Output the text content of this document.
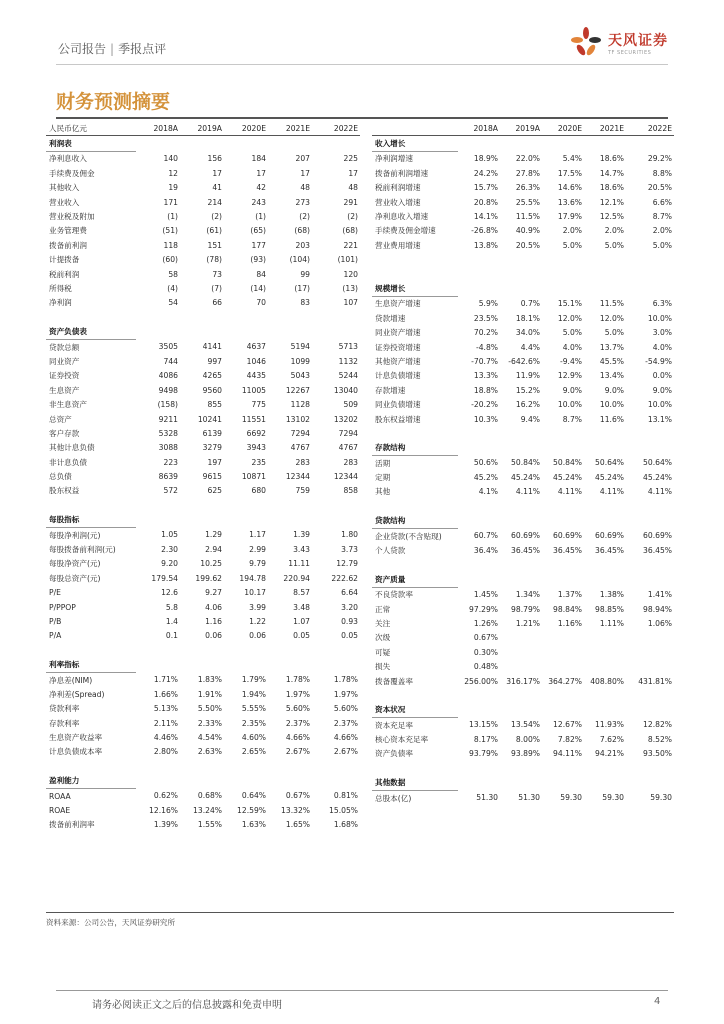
公司报告 | 季报点评	天风证券
TF SECURITIES
财务预测摘要
人民币亿元	2018A	2019A	2020E	2021E	2022E
利润表					
净利息收入	140	156	184	207	225
手续费及佣金	12	17	17	17	17
其他收入	19	41	42	48	48
营业收入	171	214	243	273	291
营业税及附加	(1)	(2)	(1)	(2)	(2)
业务管理费	(51)	(61)	(65)	(68)	(68)
拨备前利润	118	151	177	203	221
计提拨备	(60)	(78)	(93)	(104)	(101)
税前利润	58	73	84	99	120
所得税	(4)	(7)	(14)	(17)	(13)
净利润	54	66	70	83	107

资产负债表					
贷款总额	3505	4141	4637	5194	5713
同业资产	744	997	1046	1099	1132
证券投资	4086	4265	4435	5043	5244
生息资产	9498	9560	11005	12267	13040
非生息资产	(158)	855	775	1128	509
总资产	9211	10241	11551	13102	13202
客户存款	5328	6139	6692	7294	7294
其他计息负债	3088	3279	3943	4767	4767
非计息负债	223	197	235	283	283
总负债	8639	9615	10871	12344	12344
股东权益	572	625	680	759	858

每股指标					
每股净利润(元)	1.05	1.29	1.17	1.39	1.80
每股拨备前利润(元)	2.30	2.94	2.99	3.43	3.73
每股净资产(元)	9.20	10.25	9.79	11.11	12.79
每股总资产(元)	179.54	199.62	194.78	220.94	222.62
P/E	12.6	9.27	10.17	8.57	6.64
P/PPOP	5.8	4.06	3.99	3.48	3.20
P/B	1.4	1.16	1.22	1.07	0.93
P/A	0.1	0.06	0.06	0.05	0.05

利率指标					
净息差(NIM)	1.71%	1.83%	1.79%	1.78%	1.78%
净利差(Spread)	1.66%	1.91%	1.94%	1.97%	1.97%
贷款利率	5.13%	5.50%	5.55%	5.60%	5.60%
存款利率	2.11%	2.33%	2.35%	2.37%	2.37%
生息资产收益率	4.46%	4.54%	4.60%	4.66%	4.66%
计息负债成本率	2.80%	2.63%	2.65%	2.67%	2.67%

盈利能力					
ROAA	0.62%	0.68%	0.64%	0.67%	0.81%
ROAE	12.16%	13.24%	12.59%	13.32%	15.05%
拨备前利润率	1.39%	1.55%	1.63%	1.65%	1.68%
	2018A	2019A	2020E	2021E	2022E
收入增长					
净利润增速	18.9%	22.0%	5.4%	18.6%	29.2%
拨备前利润增速	24.2%	27.8%	17.5%	14.7%	8.8%
税前利润增速	15.7%	26.3%	14.6%	18.6%	20.5%
营业收入增速	20.8%	25.5%	13.6%	12.1%	6.6%
净利息收入增速	14.1%	11.5%	17.9%	12.5%	8.7%
手续费及佣金增速	-26.8%	40.9%	2.0%	2.0%	2.0%
营业费用增速	13.8%	20.5%	5.0%	5.0%	5.0%

规模增长					
生息资产增速	5.9%	0.7%	15.1%	11.5%	6.3%
贷款增速	23.5%	18.1%	12.0%	12.0%	10.0%
同业资产增速	70.2%	34.0%	5.0%	5.0%	3.0%
证券投资增速	-4.8%	4.4%	4.0%	13.7%	4.0%
其他资产增速	-70.7%	-642.6%	-9.4%	45.5%	-54.9%
计息负债增速	13.3%	11.9%	12.9%	13.4%	0.0%
存款增速	18.8%	15.2%	9.0%	9.0%	9.0%
同业负债增速	-20.2%	16.2%	10.0%	10.0%	10.0%
股东权益增速	10.3%	9.4%	8.7%	11.6%	13.1%

存款结构					
活期	50.6%	50.84%	50.84%	50.64%	50.64%
定期	45.2%	45.24%	45.24%	45.24%	45.24%
其他	4.1%	4.11%	4.11%	4.11%	4.11%

贷款结构					
企业贷款(不含贴现)	60.7%	60.69%	60.69%	60.69%	60.69%
个人贷款	36.4%	36.45%	36.45%	36.45%	36.45%

资产质量					
不良贷款率	1.45%	1.34%	1.37%	1.38%	1.41%
正常	97.29%	98.79%	98.84%	98.85%	98.94%
关注	1.26%	1.21%	1.16%	1.11%	1.06%
次级	0.67%				
可疑	0.30%				
损失	0.48%				
拨备覆盖率	256.00%	316.17%	364.27%	408.80%	431.81%

资本状况					
资本充足率	13.15%	13.54%	12.67%	11.93%	12.82%
核心资本充足率	8.17%	8.00%	7.82%	7.62%	8.52%
资产负债率	93.79%	93.89%	94.11%	94.21%	93.50%

其他数据					
总股本(亿)	51.30	51.30	59.30	59.30	59.30
资料来源：公司公告，天风证券研究所
请务必阅读正文之后的信息披露和免责申明	4
